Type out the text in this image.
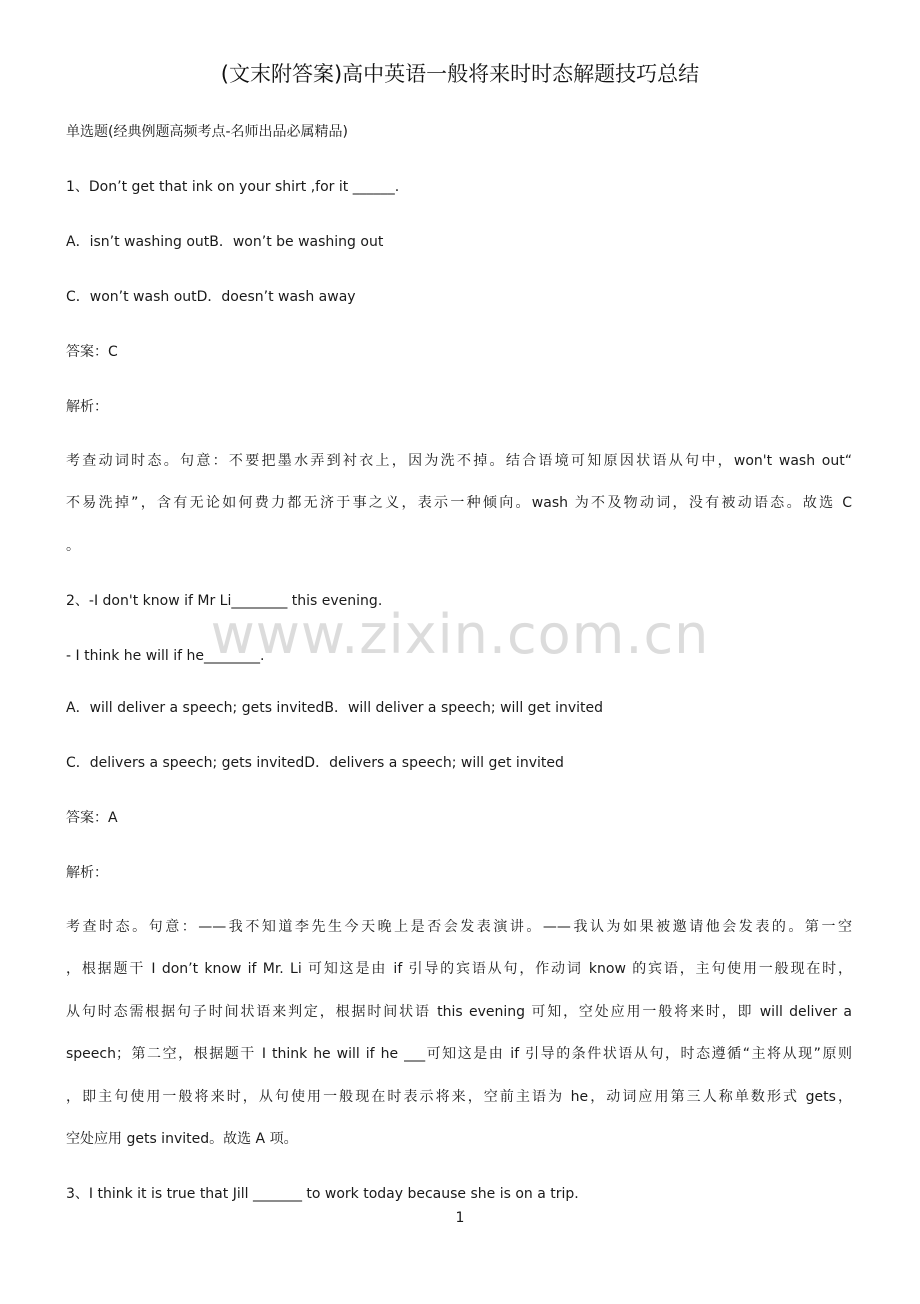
(文末附答案)高中英语一般将来时时态解题技巧总结
单选题(经典例题高频考点-名师出品必属精品)
1、Don’t get that ink on your shirt ,for it ______.
A．isn’t washing outB．won’t be washing out
C．won’t wash outD．doesn’t wash away
答案：C
解析：
考查动词时态。句意：不要把墨水弄到衬衣上，因为洗不掉。结合语境可知原因状语从句中，won't wash out“
不易洗掉”，含有无论如何费力都无济于事之义，表示一种倾向。wash 为不及物动词，没有被动语态。故选 C
。
2、-I don't know if Mr Li________ this evening.
- I think he will if he________.
A．will deliver a speech; gets invitedB．will deliver a speech; will get invited
C．delivers a speech; gets invitedD．delivers a speech; will get invited
答案：A
解析：
考查时态。句意：——我不知道李先生今天晚上是否会发表演讲。——我认为如果被邀请他会发表的。第一空
，根据题干 I don’t know if Mr. Li 可知这是由 if 引导的宾语从句，作动词 know 的宾语，主句使用一般现在时，
从句时态需根据句子时间状语来判定，根据时间状语 this evening 可知，空处应用一般将来时，即 will deliver a
speech；第二空，根据题干 I think he will if he ___可知这是由 if 引导的条件状语从句，时态遵循“主将从现”原则
，即主句使用一般将来时，从句使用一般现在时表示将来，空前主语为 he，动词应用第三人称单数形式 gets，
空处应用 gets invited。故选 A 项。
3、I think it is true that Jill _______ to work today because she is on a trip.
www.zixin.com.cn
1
